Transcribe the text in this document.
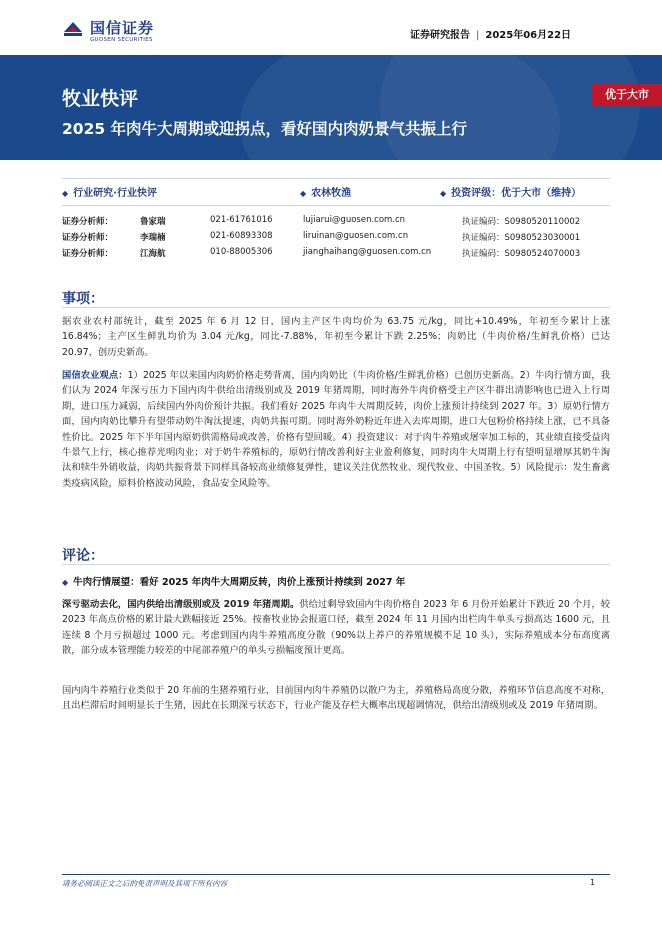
国信证券
GUOSEN SECURITIES	证券研究报告 | 2025年06月22日
牧业快评
2025 年肉牛大周期或迎拐点，看好国内肉奶景气共振上行
优于大市
◆ 行业研究·行业快评	◆ 农林牧渔	◆ 投资评级：优于大市（维持）
证券分析师：	鲁家瑞	021-61761016	lujiarui@guosen.com.cn	执证编码：S0980520110002
证券分析师：	李瑞楠	021-60893308	liruinan@guosen.com.cn	执证编码：S0980523030001
证券分析师：	江海航	010-88005306	jianghaihang@guosen.com.cn	执证编码：S0980524070003
事项：
据农业农村部统计，截至 2025 年 6 月 12 日，国内主产区牛肉均价为 63.75 元/kg，同比+10.49%，年初至今累计上涨 16.84%；主产区生鲜乳均价为 3.04 元/kg，同比-7.88%，年初至今累计下跌 2.25%；肉奶比（牛肉价格/生鲜乳价格）已达 20.97，创历史新高。
国信农业观点：1）2025 年以来国内肉奶价格走势背离，国内肉奶比（牛肉价格/生鲜乳价格）已创历史新高。2）牛肉行情方面，我们认为 2024 年深亏压力下国内肉牛供给出清级别或及 2019 年猪周期，同时海外牛肉价格受主产区牛群出清影响也已进入上行周期，进口压力减弱，后续国内外肉价预计共振。我们看好 2025 年肉牛大周期反转，肉价上涨预计持续到 2027 年。3）原奶行情方面，国内肉奶比攀升有望带动奶牛淘汰提速，肉奶共振可期。同时海外奶粉近年进入去库周期，进口大包粉价格持续上涨，已不具备性价比。2025 年下半年国内原奶供需格局或改善，价格有望回暖。4）投资建议：对于肉牛养殖或屠宰加工标的，其业绩直接受益肉牛景气上行，核心推荐光明肉业；对于奶牛养殖标的，原奶行情改善利好主业盈利修复，同时肉牛大周期上行有望明显增厚其奶牛淘汰和犊牛外销收益，肉奶共振背景下同样具备较高业绩修复弹性，建议关注优然牧业、现代牧业、中国圣牧。5）风险提示：发生畜禽类疫病风险，原料价格波动风险，食品安全风险等。
评论：
◆ 牛肉行情展望：看好 2025 年肉牛大周期反转，肉价上涨预计持续到 2027 年
深亏驱动去化，国内供给出清级别或及 2019 年猪周期。供给过剩导致国内牛肉价格自 2023 年 6 月份开始累计下跌近 20 个月，较 2023 年高点价格的累计最大跌幅接近 25%。按畜牧业协会报道口径，截至 2024 年 11 月国内出栏肉牛单头亏损高达 1600 元，且连续 8 个月亏损超过 1000 元。考虑到国内肉牛养殖高度分散（90%以上养户的养殖规模不足 10 头），实际养殖成本分布高度离散，部分成本管理能力较差的中尾部养殖户的单头亏损幅度预计更高。
国内肉牛养殖行业类似于 20 年前的生猪养殖行业，目前国内肉牛养殖仍以散户为主，养殖格局高度分散，养殖环节信息高度不对称，且出栏滞后时间明显长于生猪，因此在长期深亏状态下，行业产能及存栏大概率出现超调情况，供给出清级别或及 2019 年猪周期。
请务必阅读正文之后的免责声明及其项下所有内容	1
